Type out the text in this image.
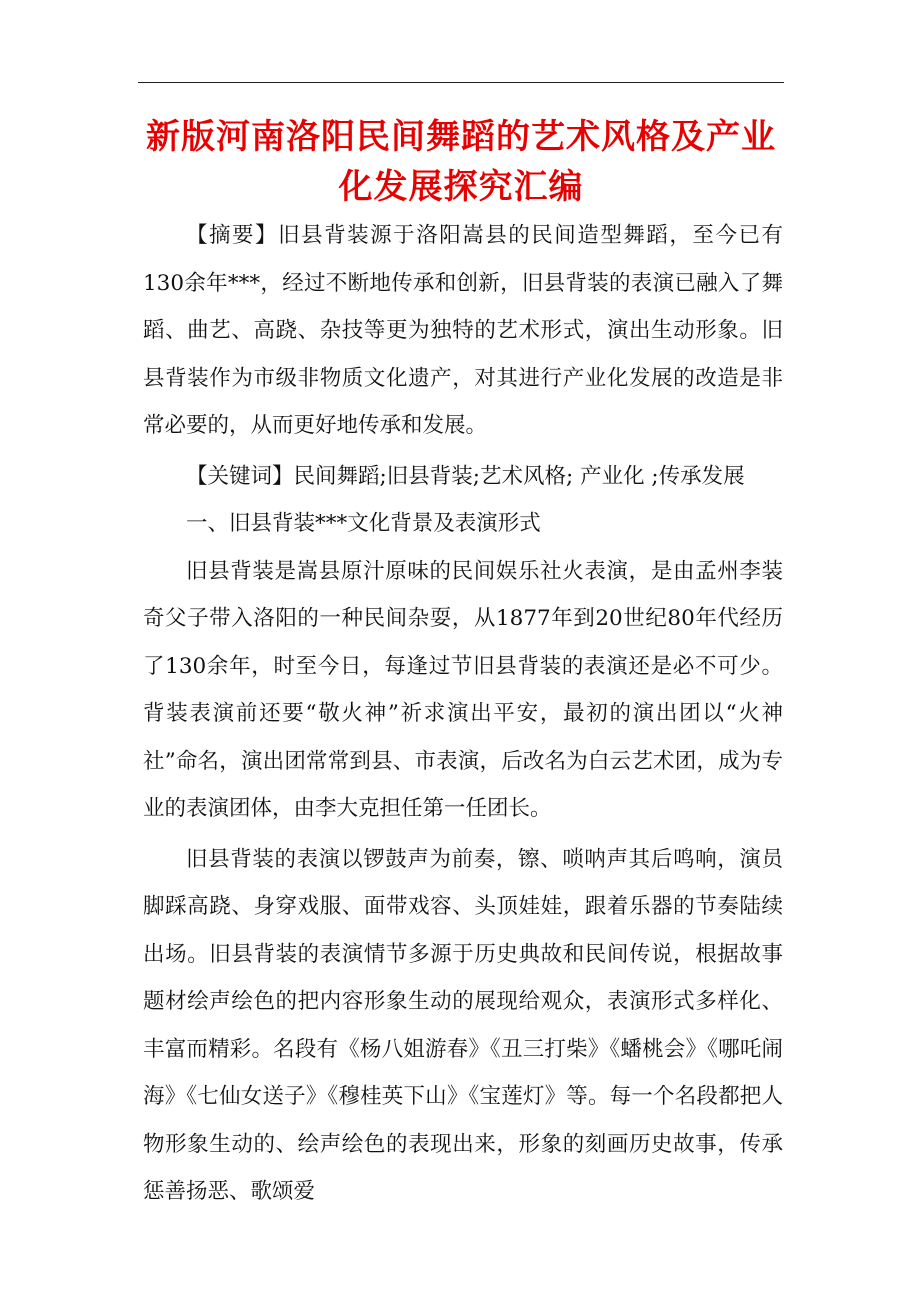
新版河南洛阳民间舞蹈的艺术风格及产业
化发展探究汇编

【摘要】旧县背装源于洛阳嵩县的民间造型舞蹈，至今已有130余年***，经过不断地传承和创新，旧县背装的表演已融入了舞蹈、曲艺、高跷、杂技等更为独特的艺术形式，演出生动形象。旧县背装作为市级非物质文化遗产，对其进行产业化发展的改造是非常必要的，从而更好地传承和发展。

【关键词】民间舞蹈;旧县背装;艺术风格; 产业化 ;传承发展

一、旧县背装***文化背景及表演形式

旧县背装是嵩县原汁原味的民间娱乐社火表演，是由孟州李装奇父子带入洛阳的一种民间杂耍，从1877年到20世纪80年代经历了130余年，时至今日，每逢过节旧县背装的表演还是必不可少。背装表演前还要“敬火神”祈求演出平安，最初的演出团以“火神社”命名，演出团常常到县、市表演，后改名为白云艺术团，成为专业的表演团体，由李大克担任第一任团长。

旧县背装的表演以锣鼓声为前奏，镲、唢呐声其后鸣响，演员脚踩高跷、身穿戏服、面带戏容、头顶娃娃，跟着乐器的节奏陆续出场。旧县背装的表演情节多源于历史典故和民间传说，根据故事题材绘声绘色的把内容形象生动的展现给观众，表演形式多样化、丰富而精彩。名段有《杨八姐游春》《丑三打柴》《蟠桃会》《哪吒闹海》《七仙女送子》《穆桂英下山》《宝莲灯》等。每一个名段都把人物形象生动的、绘声绘色的表现出来，形象的刻画历史故事，传承惩善扬恶、歌颂爱
